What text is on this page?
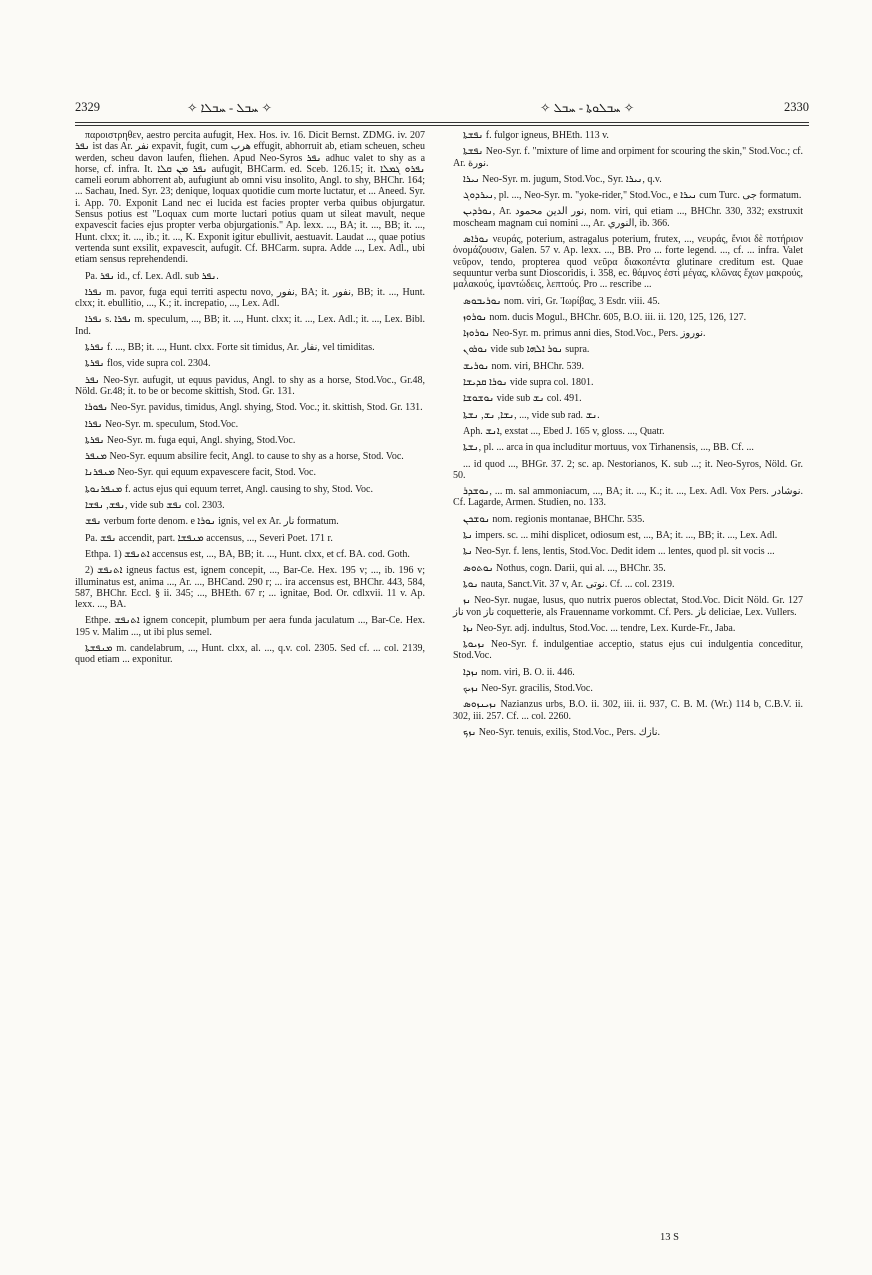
2329	✧ ܚܒܠ - ܚܒܠܐ ✧	✧ ܚܒܠܘܬܐ - ܚܒܠ ✧	2330

παροιστρηθεν, aestro percita aufugit, Hex. Hos. iv. 16. Dicit Bernst. ZDMG. iv. 207 ܢܦܪ ist das Ar. نفر expavit, fugit, cum هرب effugit, abhorruit ab, etiam scheuen, scheu werden, scheu davon laufen, fliehen. Apud Neo-Syros ܢܦܪ adhuc valet to shy as a horse, cf. infra. It. ܢܦܪ ܡܢ ܩܠܐ aufugit, BHCarm. ed. Sceb. 126.15; it. ܢܦܪܘ ܓܡܠܐ cameli eorum abhorrent ab, aufugiunt ab omni visu insolito, Angl. to shy, BHChr. 164; ... Sachau, Ined. Syr. 23; denique, loquax quotidie cum morte luctatur, et ... Aneed. Syr. i. App. 70. Exponit Land nec ei lucida est facies propter verba quibus objurgatur. Sensus potius est "Loquax cum morte luctari potius quam ut sileat mavult, neque expavescit facies ejus propter verba objurgationis." Ap. lexx. ..., BA; it. ..., BB; it. ..., Hunt. clxx; it. ..., ib.; it. ..., K. Exponit igitur ebullivit, aestuavit. Laudat ..., quae potius vertenda sunt exsilit, expavescit, aufugit. Cf. BHCarm. supra. Adde ..., Lex. Adl., ubi etiam sensus reprehendendi.

Pa. ܢܦܪ id., cf. Lex. Adl. sub ܢܦܪ.

ܢܦܪܐ m. pavor, fuga equi territi aspectu novo, نفور, BA; it. نفور, BB; it. ..., Hunt. clxx; it. ebullitio, ..., K.; it. increpatio, ..., Lex. Adl.

ܢܦܪܐ s. ܢܦܪܐ m. speculum, ..., BB; it. ..., Hunt. clxx; it. ..., Lex. Adl.; it. ..., Lex. Bibl. Ind.

ܢܦܪܬܐ f. ..., BB; it. ..., Hunt. clxx. Forte sit timidus, Ar. نفار, vel timiditas.

ܢܦܪܬܐ flos, vide supra col. 2304.

ܢܦܪ Neo-Syr. aufugit, ut equus pavidus, Angl. to shy as a horse, Stod.Voc., Gr.48, Nöld. Gr.48; it. to be or become skittish, Stod. Gr. 131.

ܢܦܘܪܐ Neo-Syr. pavidus, timidus, Angl. shying, Stod. Voc.; it. skittish, Stod. Gr. 131.

ܢܦܪܐ Neo-Syr. m. speculum, Stod.Voc.

ܢܦܪܬܐ Neo-Syr. m. fuga equi, Angl. shying, Stod.Voc.

ܡܢܦܪ Neo-Syr. equum absilire fecit, Angl. to cause to shy as a horse, Stod. Voc.

ܡܢܦܪܢܐ Neo-Syr. qui equum expavescere facit, Stod. Voc.

ܡܢܦܪܢܘܬܐ f. actus ejus qui equum terret, Angl. causing to shy, Stod. Voc.

ܢܦܫ, ܢܦܫܐ, vide sub ܢܦܫ col. 2303.

ܢܦܫ verbum forte denom. e ܢܘܪܐ ignis, vel ex Ar. نار formatum.

Pa. ܢܦܫ accendit, part. ܡܢܦܫܐ accensus, ..., Severi Poet. 171 r.

Ethpa. 1) ܐܬܢܦܫ accensus est, ..., BA, BB; it. ..., Hunt. clxx, et cf. BA. cod. Goth.

2) ܐܬܢܦܫ igneus factus est, ignem concepit, ..., Bar-Ce. Hex. 195 v; ..., ib. 196 v; illuminatus est, anima ..., Ar. ..., BHCand. 290 r; ... ira accensus est, BHChr. 443, 584, 587, BHChr. Eccl. § ii. 345; ..., BHEth. 67 r; ... ignitae, Bod. Or. cdlxvii. 11 v. Ap. lexx. ..., BA.

Ethpe. ܐܬܢܦܫ ignem concepit, plumbum per aera funda jaculatum ..., Bar-Ce. Hex. 195 v. Malim ..., ut ibi plus semel.

ܡܢܦܫܬܐ m. candelabrum, ..., Hunt. clxx, al. ..., q.v. col. 2305. Sed cf. ... col. 2139, quod etiam ... exponitur.

ܢܦܫܬܐ f. fulgor igneus, BHEth. 113 v.

ܢܦܫܬܐ Neo-Syr. f. "mixture of lime and orpiment for scouring the skin," Stod.Voc.; cf. Ar. نورة.

ܢܝܪܐ Neo-Syr. m. jugum, Stod.Voc., Syr. ܢܝܪܐ, q.v.

ܢܝܪܕܘܓ, pl. ..., Neo-Syr. m. "yoke-rider," Stod.Voc., e ܢܝܪܐ cum Turc. جى formatum.

ܢܘܪܕܝܢ, Ar. نور الدين محمود, nom. viri, qui etiam ..., BHChr. 330, 332; exstruxit moscheam magnam cui nomini ..., Ar. النوري, ib. 366.

ܢܘܪܐܣ νευράς, poterium, astragalus poterium, frutex, ..., νευράς, ἔνιοι δὲ ποτήριον ὀνομάζουσιν, Galen. 57 v. Ap. lexx. ..., BB. Pro ... forte legend. ..., cf. ... infra. Valet νεῦρον, tendo, propterea quod νεῦρα διακοπέντα glutinare creditum est. Quae sequuntur verba sunt Dioscoridis, i. 358, ec. θάμνος ἐστὶ μέγας, κλῶνας ἔχων μακρούς, μαλακούς, ἱμαντώδεις, λεπτούς. Pro ... rescribe ...

ܢܘܪܝܒܘܣ nom. viri, Gr. Ἰωρίβας, 3 Esdr. viii. 45.

ܢܘܪܘܙ nom. ducis Mogul., BHChr. 605, B.O. iii. ii. 120, 125, 126, 127.

ܢܘܪܘܙܐ Neo-Syr. m. primus anni dies, Stod.Voc., Pers. نوروز.

ܢܘܪܘܢ vide sub ܢܘܪ ܐܠܗܐ supra.

ܢܘܪܝܫ nom. viri, BHChr. 539.

ܢܘܪܐ ܩܕܝܫܐ vide supra col. 1801.

ܢܘܫܘܫܐ vide sub ܢܫ col. 491.

ܢܫܐ, ܢܫ, ܢܫܬܐ, ..., vide sub rad. ܢܫ.

Aph. ܐܢܫ, exstat ..., Ebed J. 165 v, gloss. ..., Quatr.

ܢܫܬܐ, pl. ... arca in qua includitur mortuus, vox Tirhanensis, ..., BB. Cf. ...

... id quod ..., BHGr. 37. 2; sc. ap. Nestorianos, K. sub ...; it. Neo-Syros, Nöld. Gr. 50.

ܢܘܫܕܪ, ... m. sal ammoniacum, ..., BA; it. ..., K.; it. ..., Lex. Adl. Vox Pers. نوشادر. Cf. Lagarde, Armen. Studien, no. 133.

ܢܘܫܟܢ nom. regionis montanae, BHChr. 535.

ܢܬܐ impers. sc. ... mihi displicet, odiosum est, ..., BA; it. ..., BB; it. ..., Lex. Adl.

ܢܬܐ Neo-Syr. f. lens, lentis, Stod.Voc. Dedit idem ... lentes, quod pl. sit vocis ...

ܢܘܬܘܣ Nothus, cogn. Darii, qui al. ..., BHChr. 35.

ܢܘܬܐ nauta, Sanct.Vit. 37 v, Ar. نوتى. Cf. ... col. 2319.

ܢܙ Neo-Syr. nugae, lusus, quo nutrix pueros oblectat, Stod.Voc. Dicit Nöld. Gr. 127 ناز von ناز coquetterie, als Frauenname vorkommt. Cf. Pers. ناز deliciae, Lex. Vullers.

ܢܙܐ Neo-Syr. adj. indultus, Stod.Voc. ... tendre, Lex. Kurde-Fr., Jaba.

ܢܙܝܘܬܐ Neo-Syr. f. indulgentiae acceptio, status ejus cui indulgentia conceditur, Stod.Voc.

ܢܙܕܐ nom. viri, B. O. ii. 446.

ܢܙܝܟ Neo-Syr. gracilis, Stod.Voc.

ܢܙܝܢܙܘܣ Nazianzus urbs, B.O. ii. 302, iii. ii. 937, C. B. M. (Wr.) 114 b, C.B.V. ii. 302, iii. 257. Cf. ... col. 2260.

ܢܙܟ Neo-Syr. tenuis, exilis, Stod.Voc., Pers. نازك.

13 S
